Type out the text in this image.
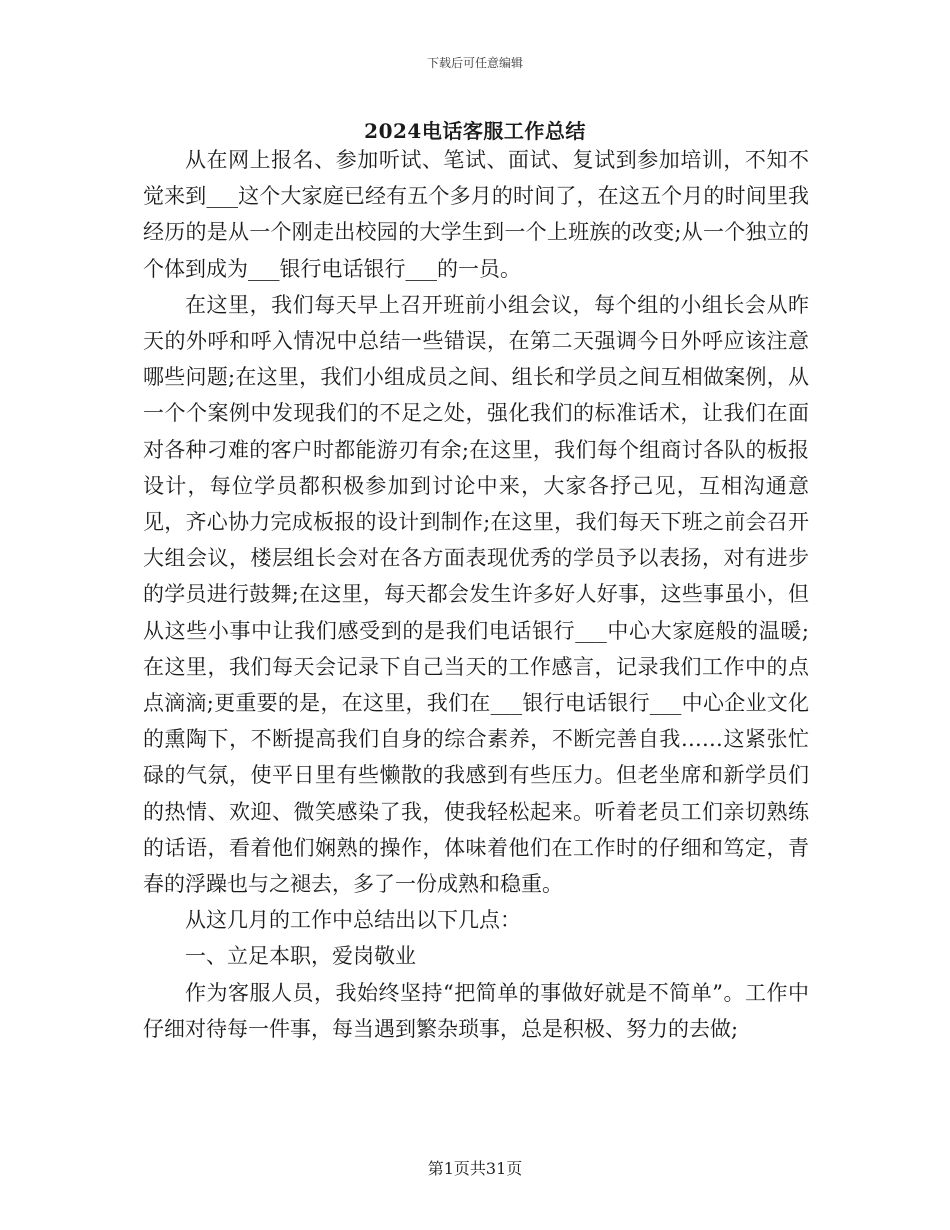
下载后可任意编辑
2024电话客服工作总结

从在网上报名、参加听试、笔试、面试、复试到参加培训，不知不觉来到___这个大家庭已经有五个多月的时间了，在这五个月的时间里我经历的是从一个刚走出校园的大学生到一个上班族的改变;从一个独立的个体到成为___银行电话银行___的一员。

在这里，我们每天早上召开班前小组会议，每个组的小组长会从昨天的外呼和呼入情况中总结一些错误，在第二天强调今日外呼应该注意哪些问题;在这里，我们小组成员之间、组长和学员之间互相做案例，从一个个案例中发现我们的不足之处，强化我们的标准话术，让我们在面对各种刁难的客户时都能游刃有余;在这里，我们每个组商讨各队的板报设计，每位学员都积极参加到讨论中来，大家各抒己见，互相沟通意见，齐心协力完成板报的设计到制作;在这里，我们每天下班之前会召开大组会议，楼层组长会对在各方面表现优秀的学员予以表扬，对有进步的学员进行鼓舞;在这里，每天都会发生许多好人好事，这些事虽小，但从这些小事中让我们感受到的是我们电话银行___中心大家庭般的温暖;在这里，我们每天会记录下自己当天的工作感言，记录我们工作中的点点滴滴;更重要的是，在这里，我们在___银行电话银行___中心企业文化的熏陶下，不断提高我们自身的综合素养，不断完善自我……这紧张忙碌的气氛，使平日里有些懒散的我感到有些压力。但老坐席和新学员们的热情、欢迎、微笑感染了我，使我轻松起来。听着老员工们亲切熟练的话语，看着他们娴熟的操作，体味着他们在工作时的仔细和笃定，青春的浮躁也与之褪去，多了一份成熟和稳重。

从这几月的工作中总结出以下几点：

一、立足本职，爱岗敬业

作为客服人员，我始终坚持“把简单的事做好就是不简单”。工作中仔细对待每一件事，每当遇到繁杂琐事，总是积极、努力的去做;

第1页共31页
